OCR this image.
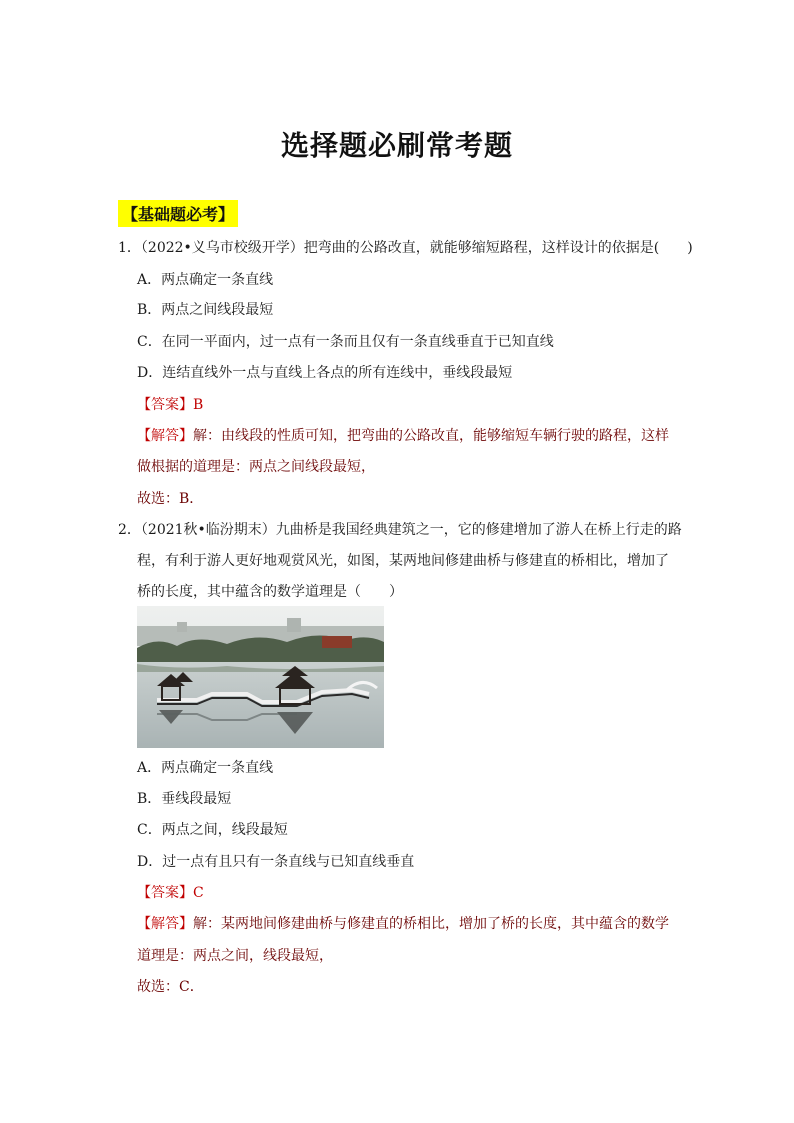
选择题必刷常考题
【基础题必考】
1．（2022•义乌市校级开学）把弯曲的公路改直，就能够缩短路程，这样设计的依据是(　　)
A．两点确定一条直线
B．两点之间线段最短
C．在同一平面内，过一点有一条而且仅有一条直线垂直于已知直线
D．连结直线外一点与直线上各点的所有连线中，垂线段最短
【答案】B
【解答】解：由线段的性质可知，把弯曲的公路改直，能够缩短车辆行驶的路程，这样
做根据的道理是：两点之间线段最短，
故选：B．
2．（2021秋•临汾期末）九曲桥是我国经典建筑之一，它的修建增加了游人在桥上行走的路
程，有利于游人更好地观赏风光，如图，某两地间修建曲桥与修建直的桥相比，增加了
桥的长度，其中蕴含的数学道理是（　　）
A．两点确定一条直线
B．垂线段最短
C．两点之间，线段最短
D．过一点有且只有一条直线与已知直线垂直
【答案】C
【解答】解：某两地间修建曲桥与修建直的桥相比，增加了桥的长度，其中蕴含的数学
道理是：两点之间，线段最短，
故选：C．
